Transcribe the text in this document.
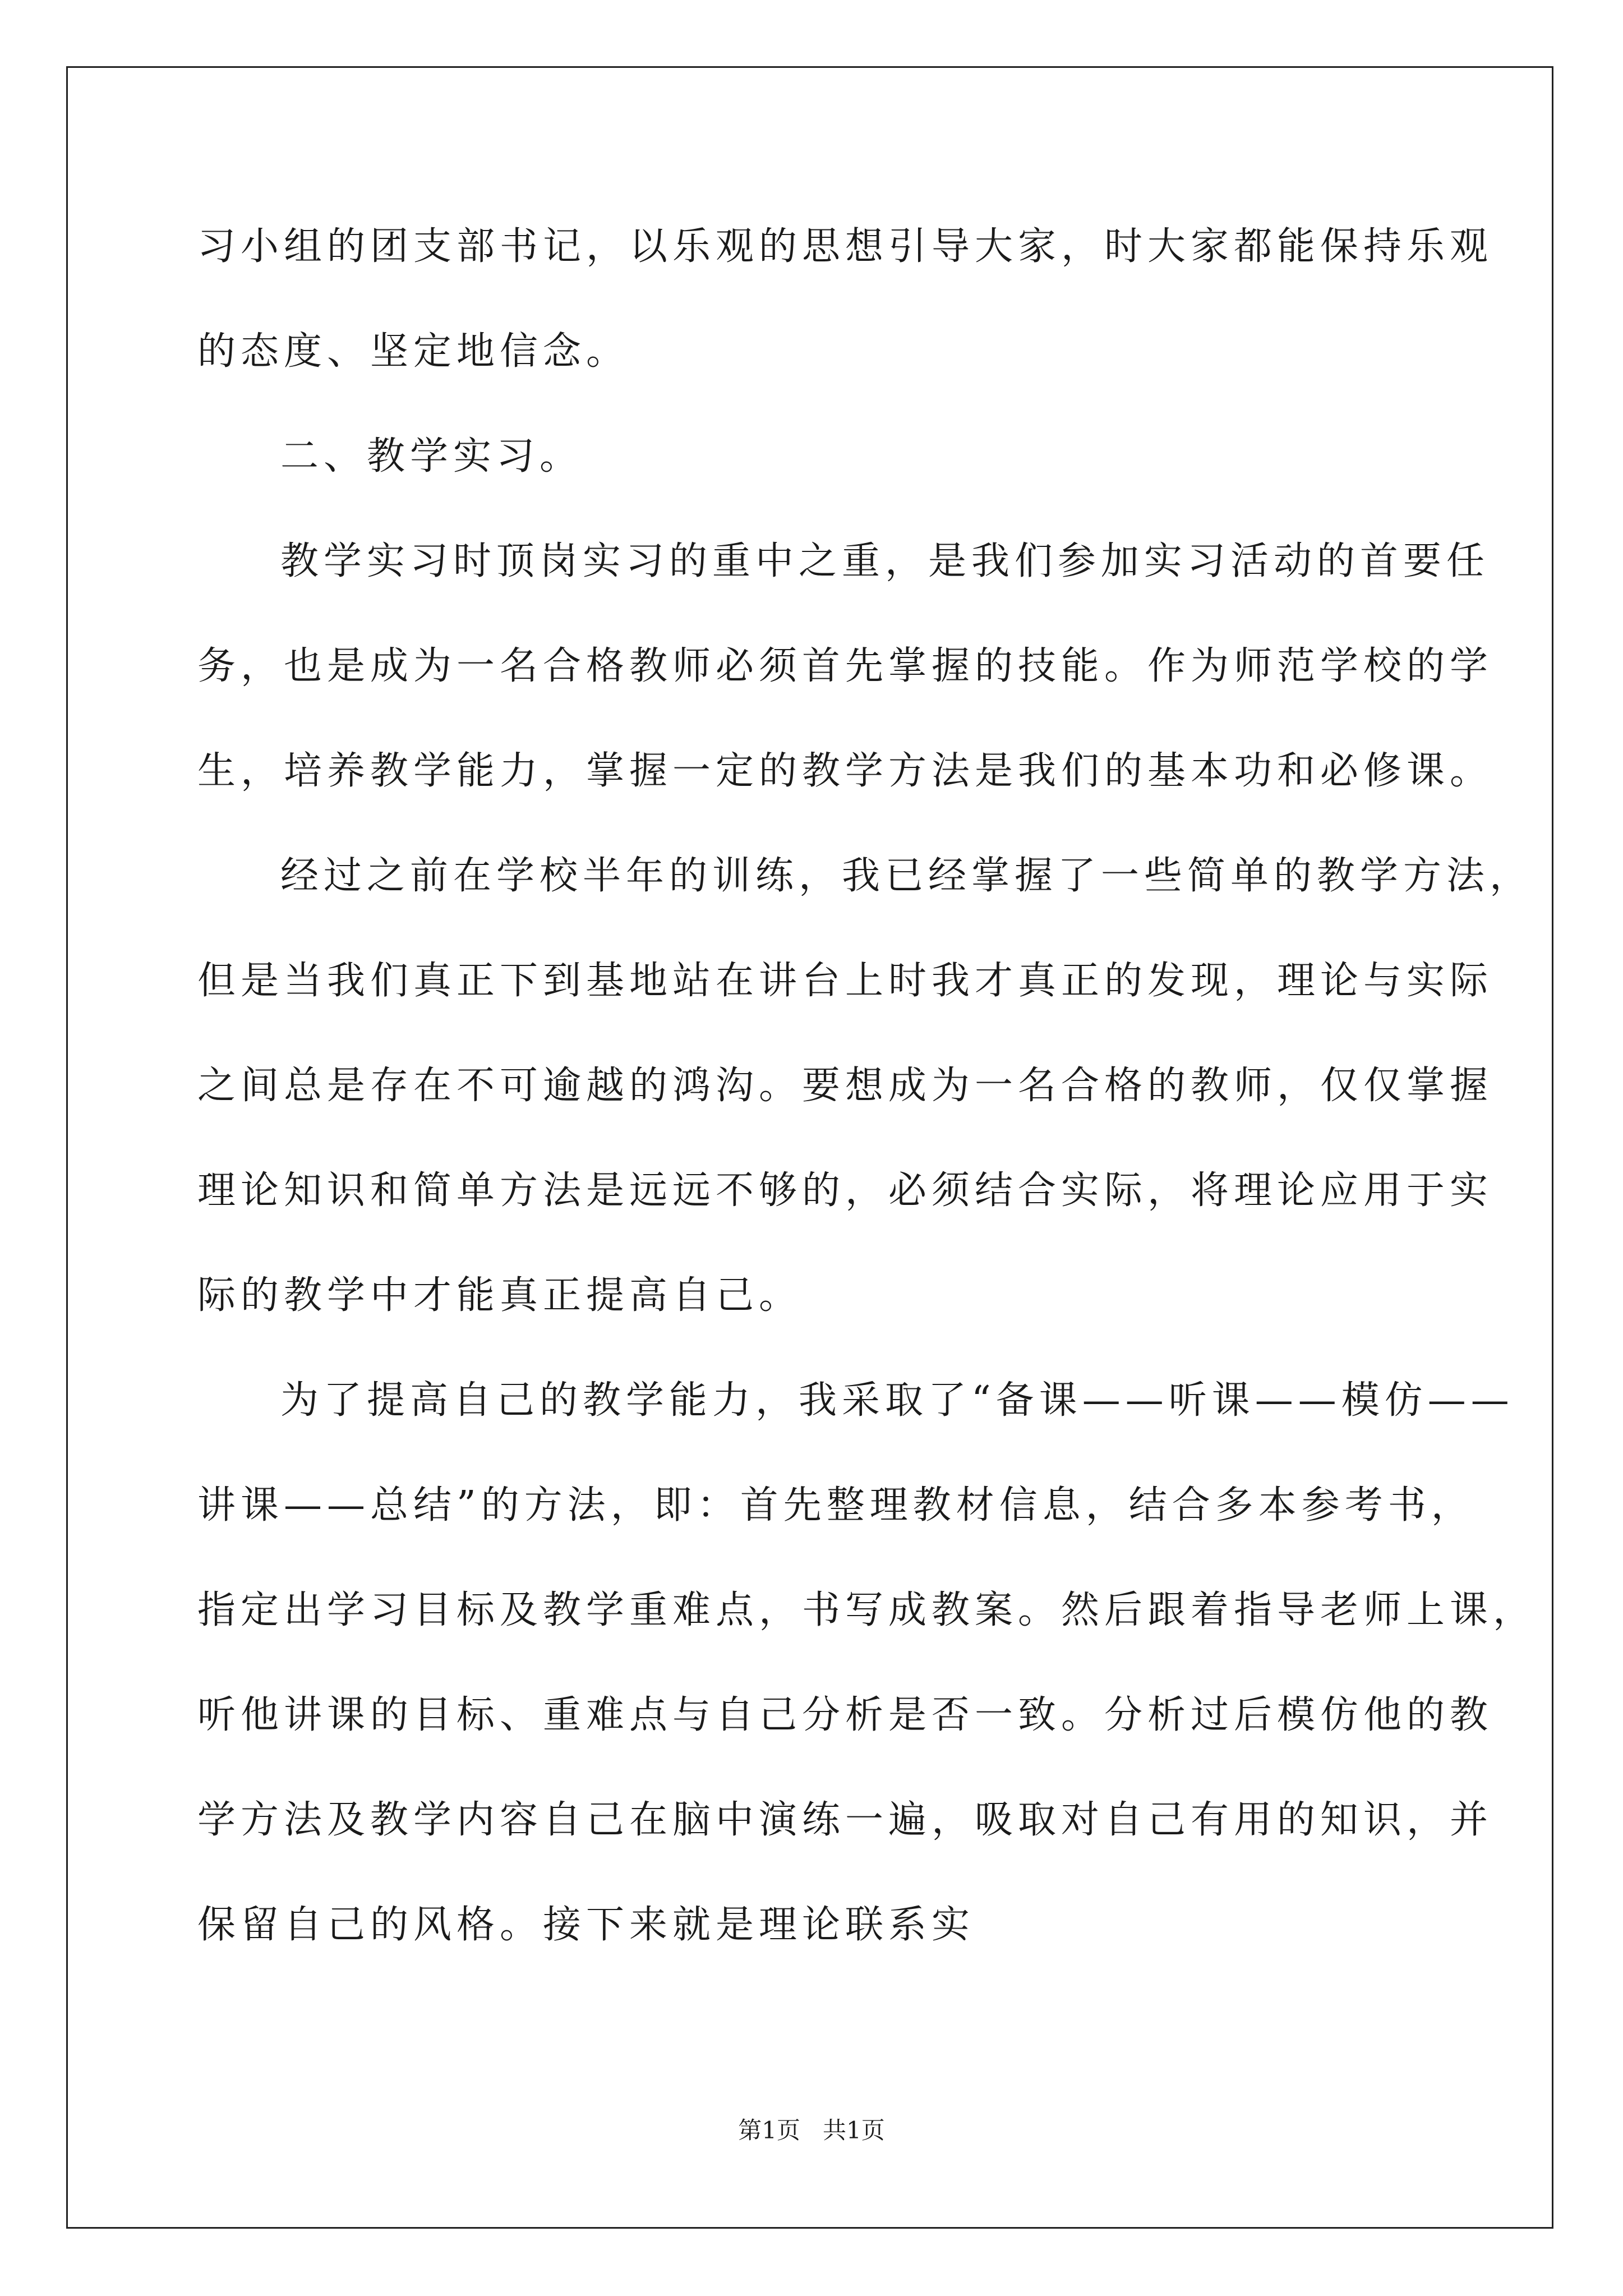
习小组的团支部书记，以乐观的思想引导大家，时大家都能保持乐观
的态度、坚定地信念。
二、教学实习。
教学实习时顶岗实习的重中之重，是我们参加实习活动的首要任
务，也是成为一名合格教师必须首先掌握的技能。作为师范学校的学
生，培养教学能力，掌握一定的教学方法是我们的基本功和必修课。
经过之前在学校半年的训练，我已经掌握了一些简单的教学方法，
但是当我们真正下到基地站在讲台上时我才真正的发现，理论与实际
之间总是存在不可逾越的鸿沟。要想成为一名合格的教师，仅仅掌握
理论知识和简单方法是远远不够的，必须结合实际，将理论应用于实
际的教学中才能真正提高自己。
为了提高自己的教学能力，我采取了“备课——听课——模仿——
讲课——总结”的方法，即：首先整理教材信息，结合多本参考书，
指定出学习目标及教学重难点，书写成教案。然后跟着指导老师上课，
听他讲课的目标、重难点与自己分析是否一致。分析过后模仿他的教
学方法及教学内容自己在脑中演练一遍，吸取对自己有用的知识，并
保留自己的风格。接下来就是理论联系实
第1页   共1页
